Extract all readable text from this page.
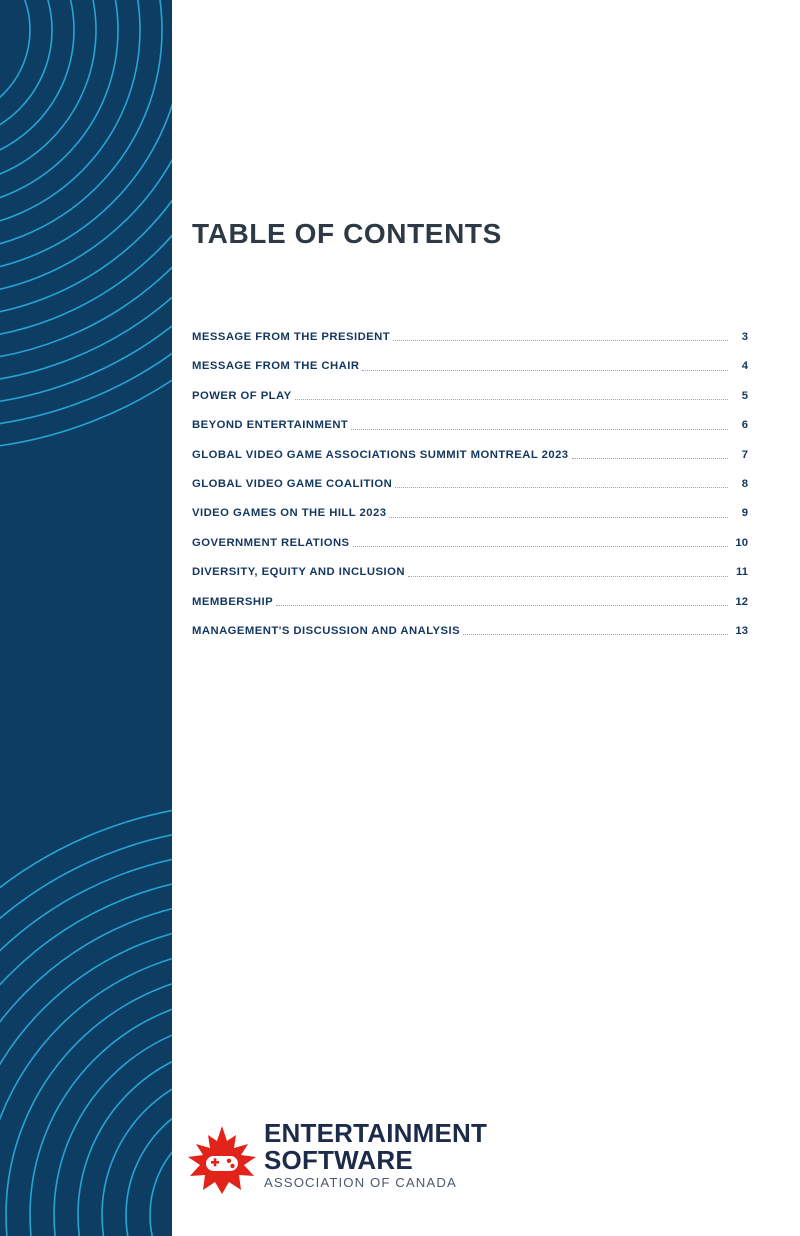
TABLE OF CONTENTS
MESSAGE FROM THE PRESIDENT	3
MESSAGE FROM THE CHAIR	4
POWER OF PLAY	5
BEYOND ENTERTAINMENT	6
GLOBAL VIDEO GAME ASSOCIATIONS SUMMIT MONTREAL 2023	7
GLOBAL VIDEO GAME COALITION	8
VIDEO GAMES ON THE HILL 2023	9
GOVERNMENT RELATIONS	10
DIVERSITY, EQUITY AND INCLUSION	11
MEMBERSHIP	12
MANAGEMENT'S DISCUSSION AND ANALYSIS	13
ENTERTAINMENT
SOFTWARE
ASSOCIATION OF CANADA
